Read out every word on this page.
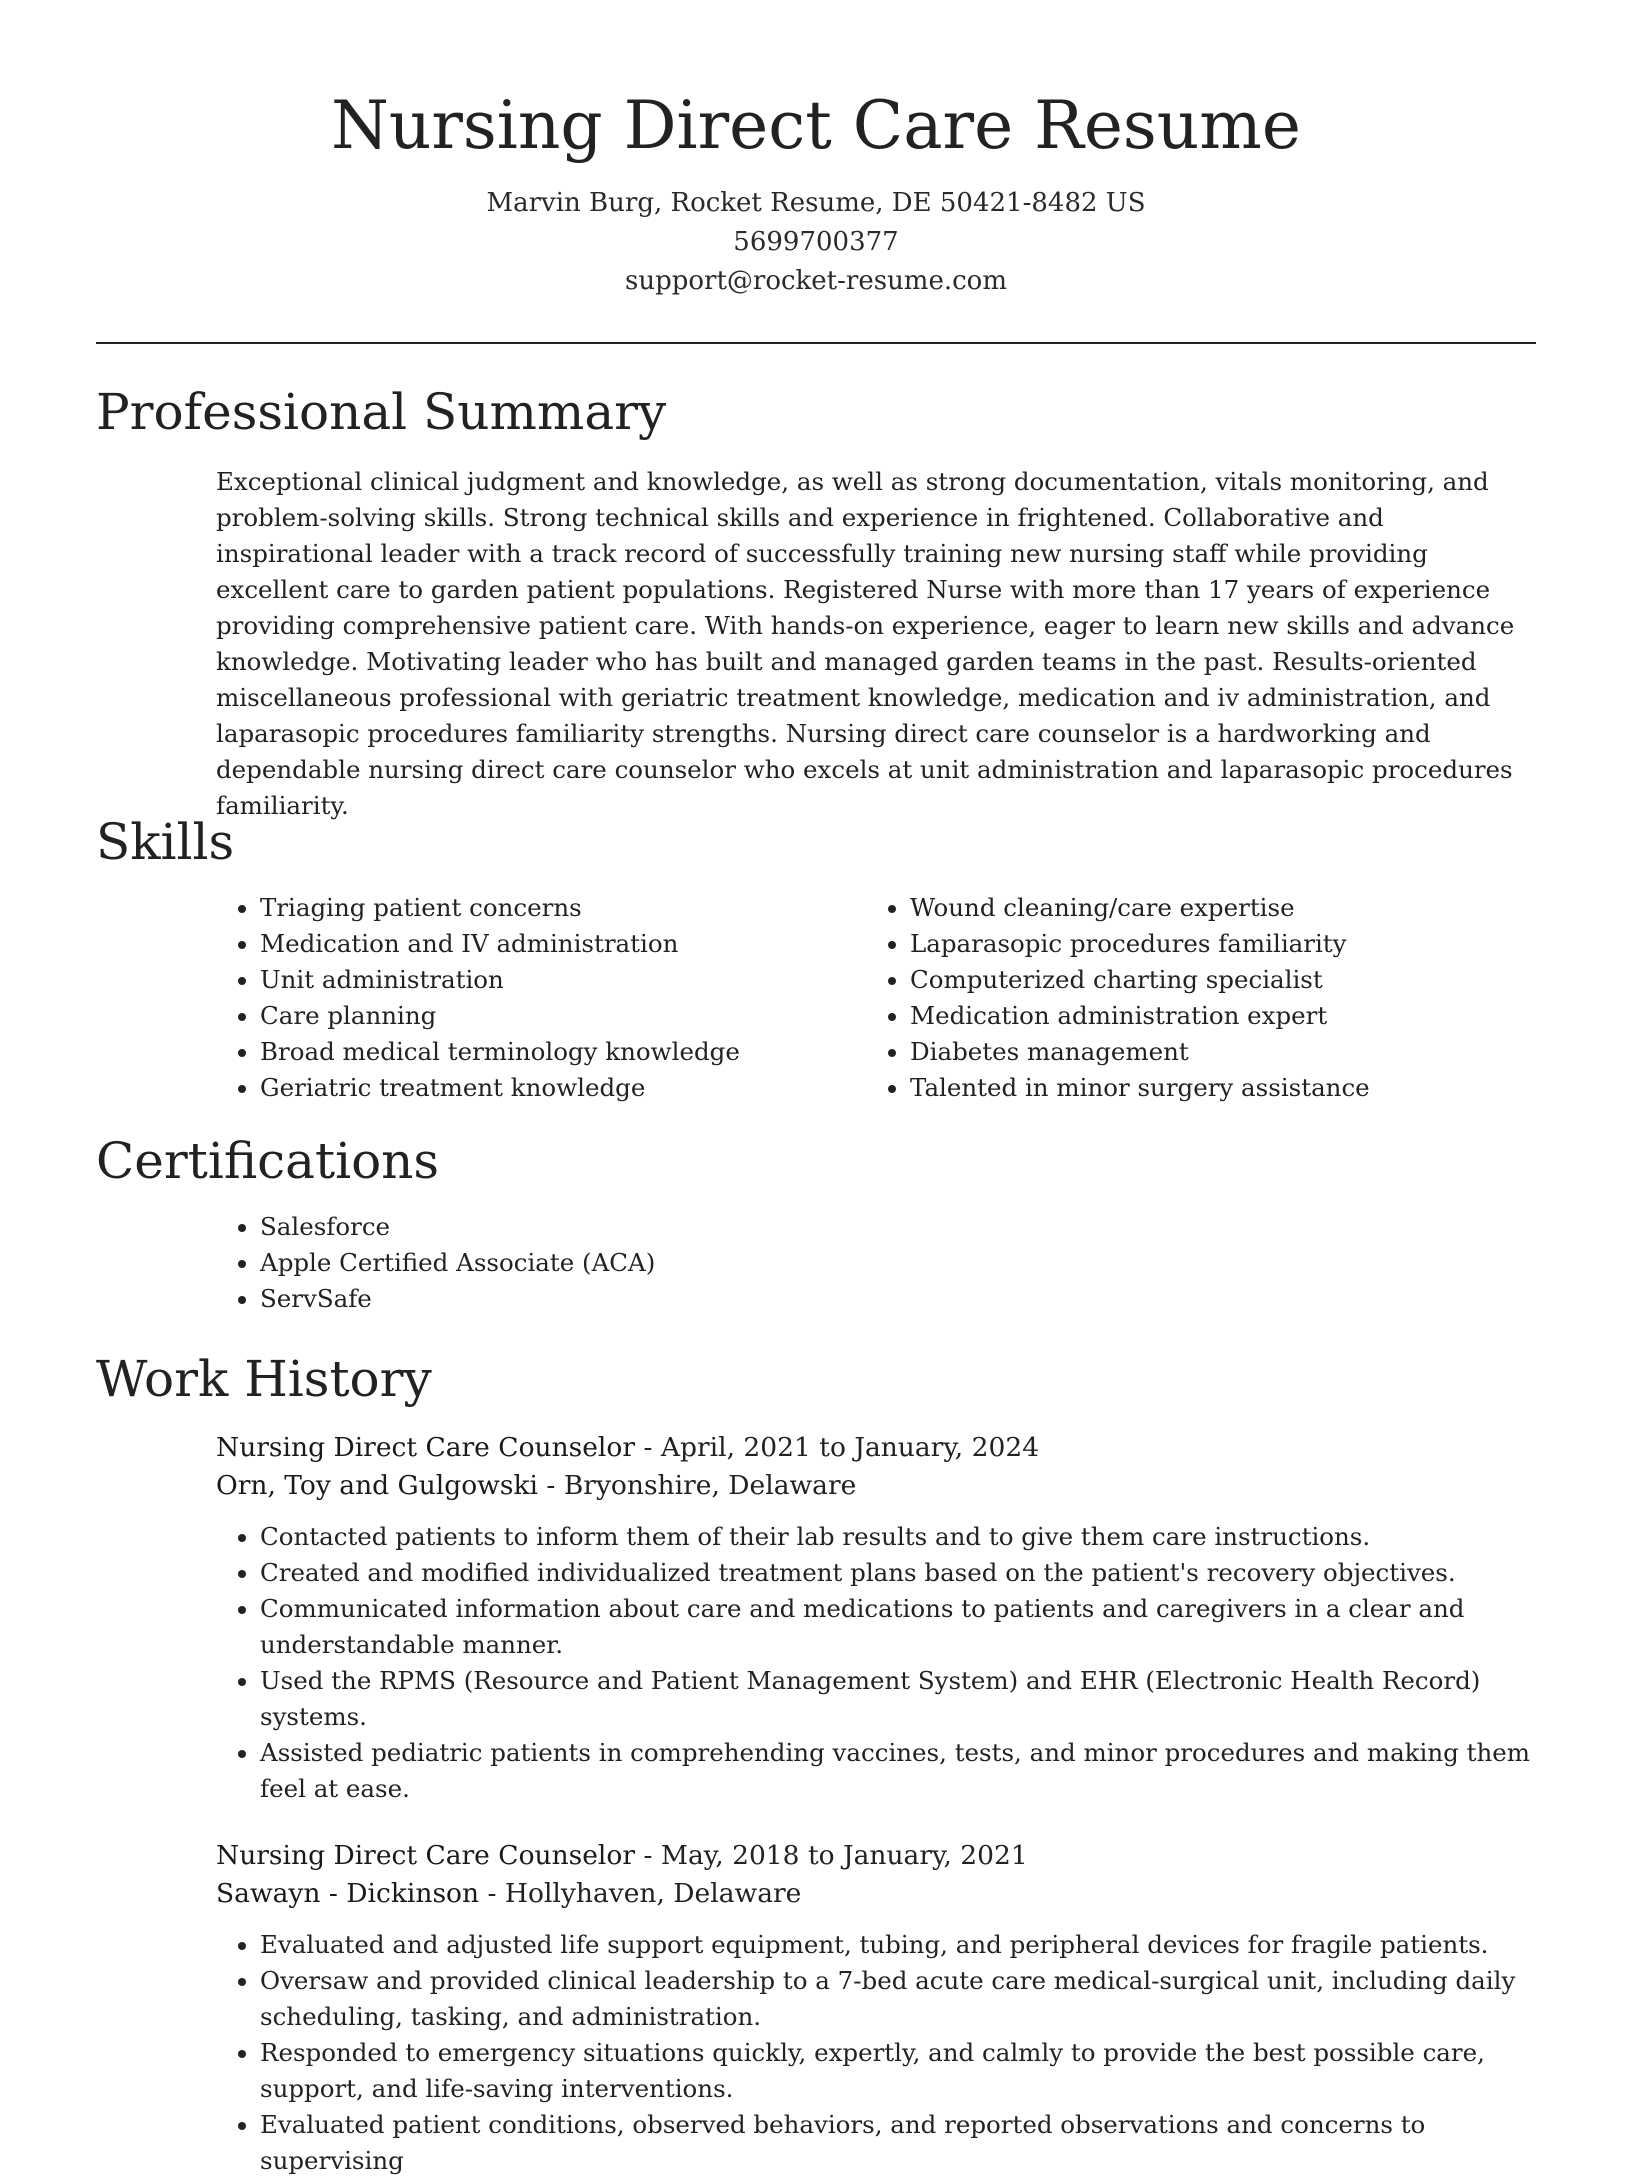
Nursing Direct Care Resume
Marvin Burg, Rocket Resume, DE 50421-8482 US
5699700377
support@rocket-resume.com
Professional Summary

Exceptional clinical judgment and knowledge, as well as strong documentation, vitals monitoring, and problem-solving skills. Strong technical skills and experience in frightened. Collaborative and inspirational leader with a track record of successfully training new nursing staff while providing excellent care to garden patient populations. Registered Nurse with more than 17 years of experience providing comprehensive patient care. With hands-on experience, eager to learn new skills and advance knowledge. Motivating leader who has built and managed garden teams in the past. Results-oriented miscellaneous professional with geriatric treatment knowledge, medication and iv administration, and laparasopic procedures familiarity strengths. Nursing direct care counselor is a hardworking and dependable nursing direct care counselor who excels at unit administration and laparasopic procedures familiarity.

Skills
• Triaging patient concerns
• Medication and IV administration
• Unit administration
• Care planning
• Broad medical terminology knowledge
• Geriatric treatment knowledge
• Wound cleaning/care expertise
• Laparasopic procedures familiarity
• Computerized charting specialist
• Medication administration expert
• Diabetes management
• Talented in minor surgery assistance
Certifications
• Salesforce
• Apple Certified Associate (ACA)
• ServSafe
Work History
Nursing Direct Care Counselor - April, 2021 to January, 2024
Orn, Toy and Gulgowski - Bryonshire, Delaware
• Contacted patients to inform them of their lab results and to give them care instructions.
• Created and modified individualized treatment plans based on the patient's recovery objectives.
• Communicated information about care and medications to patients and caregivers in a clear and understandable manner.
• Used the RPMS (Resource and Patient Management System) and EHR (Electronic Health Record) systems.
• Assisted pediatric patients in comprehending vaccines, tests, and minor procedures and making them feel at ease.
Nursing Direct Care Counselor - May, 2018 to January, 2021
Sawayn - Dickinson - Hollyhaven, Delaware
• Evaluated and adjusted life support equipment, tubing, and peripheral devices for fragile patients.
• Oversaw and provided clinical leadership to a 7-bed acute care medical-surgical unit, including daily scheduling, tasking, and administration.
• Responded to emergency situations quickly, expertly, and calmly to provide the best possible care, support, and life-saving interventions.
• Evaluated patient conditions, observed behaviors, and reported observations and concerns to supervising
